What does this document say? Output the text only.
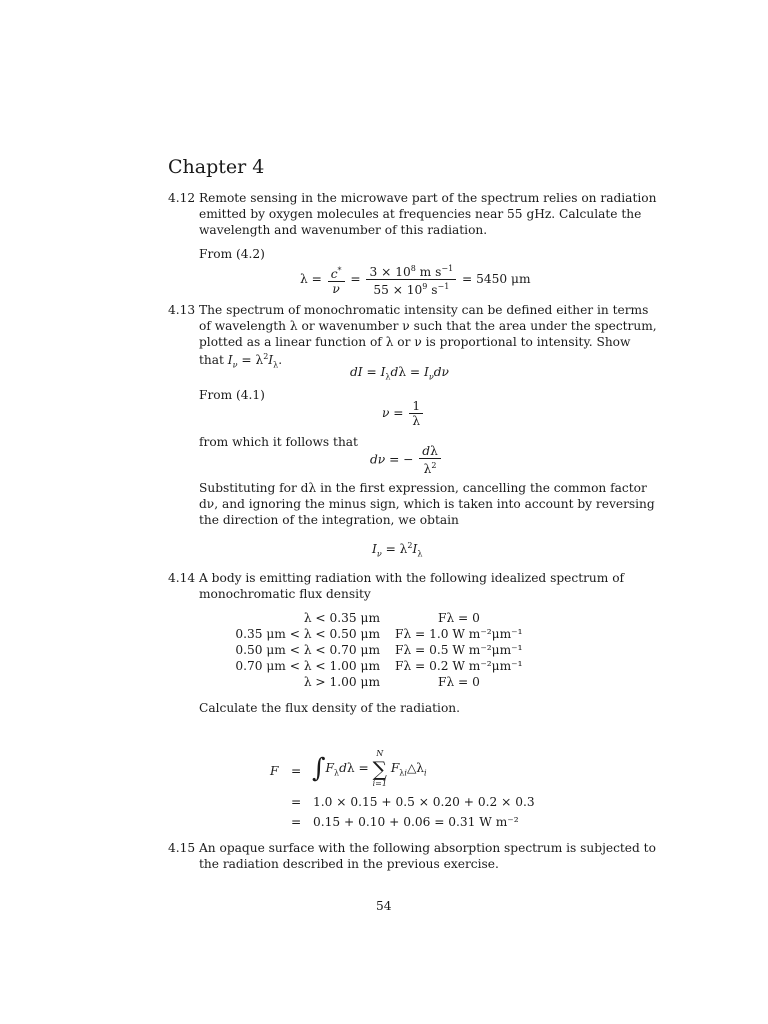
Chapter 4
4.12 Remote sensing in the microwave part of the spectrum relies on radiation
emitted by oxygen molecules at frequencies near 55 gHz. Calculate the
wavelength and wavenumber of this radiation.
From (4.2)
$\lambda = \frac{c^*}{\nu} = \frac{3 \times 10^8 m s^{-1}}{55 \times 10^9 s^{-1}} = 5450$ μm
4.13 The spectrum of monochromatic intensity can be defined either in terms
of wavelength λ or wavenumber ν such that the area under the spectrum,
plotted as a linear function of λ or ν is proportional to intensity. Show
that $I_\nu = \lambda^2I_\lambda$.
dI = $I_\lambda d\lambda = I_\nu d\nu$
From (4.1)
$\nu = \frac{1}{\lambda}$
from which it follows that
dν = − $\frac{d\lambda}{\lambda^2}$
Substituting for dλ in the first expression, cancelling the common factor
dν, and ignoring the minus sign, which is taken into account by reversing
the direction of the integration, we obtain
$I_\nu = \lambda^2I_\lambda$
4.14 A body is emitting radiation with the following idealized spectrum of
monochromatic flux density
λ < 0.35 μm	Fλ = 0
0.35 μm < λ < 0.50 μm Fλ = 1.0 W m⁻²μm⁻¹
0.50 μm < λ < 0.70 μm Fλ = 0.5 W m⁻²μm⁻¹
0.70 μm < λ < 1.00 μm Fλ = 0.2 W m⁻²μm⁻¹
λ > 1.00 μm	Fλ = 0
Calculate the flux density of the radiation.
$F = \int F_\lambda d\lambda$ =
N
∑
i=1
$F_{\lambda i}\triangle\lambda_i$
= 1.0 × 0.15 + 0.5 × 0.20 + 0.2 × 0.3
= 0.15 + 0.10 + 0.06 = 0.31 W m⁻²
4.15 An opaque surface with the following absorption spectrum is subjected to
the radiation described in the previous exercise.
54
